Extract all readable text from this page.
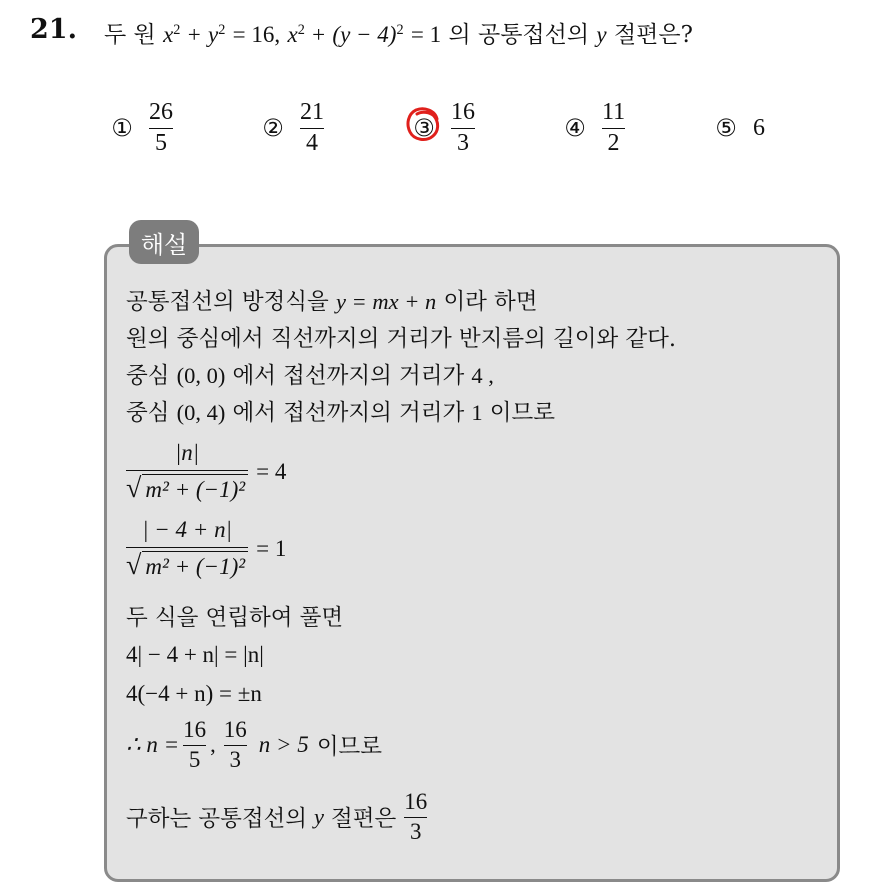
21. 두 원 $x^2 + y^2 = 16$, $x^2 + (y - 4)^2 = 1$ 의 공통접선의 y 절편은?
① $\frac{26}{5}$	② $\frac{21}{4}$	③ $\frac{16}{3}$	④ $\frac{11}{2}$	⑤ 6
해설
공통접선의 방정식을 y = mx + n 이라 하면
원의 중심에서 직선까지의 거리가 반지름의 길이와 같다.
중심 (0, 0) 에서 접선까지의 거리가 4 ,
중심 (0, 4) 에서 접선까지의 거리가 1 이므로
|n|
√ m² + (−1)²
= 4
| − 4 + n|
√ m² + (−1)²
= 1
두 식을 연립하여 풀면
4| − 4 + n| = |n|
4(−4 + n) = ±n
∴ n =
16
5
,
16
3
n > 5 이므로
구하는 공통접선의 y 절편은
16
3
